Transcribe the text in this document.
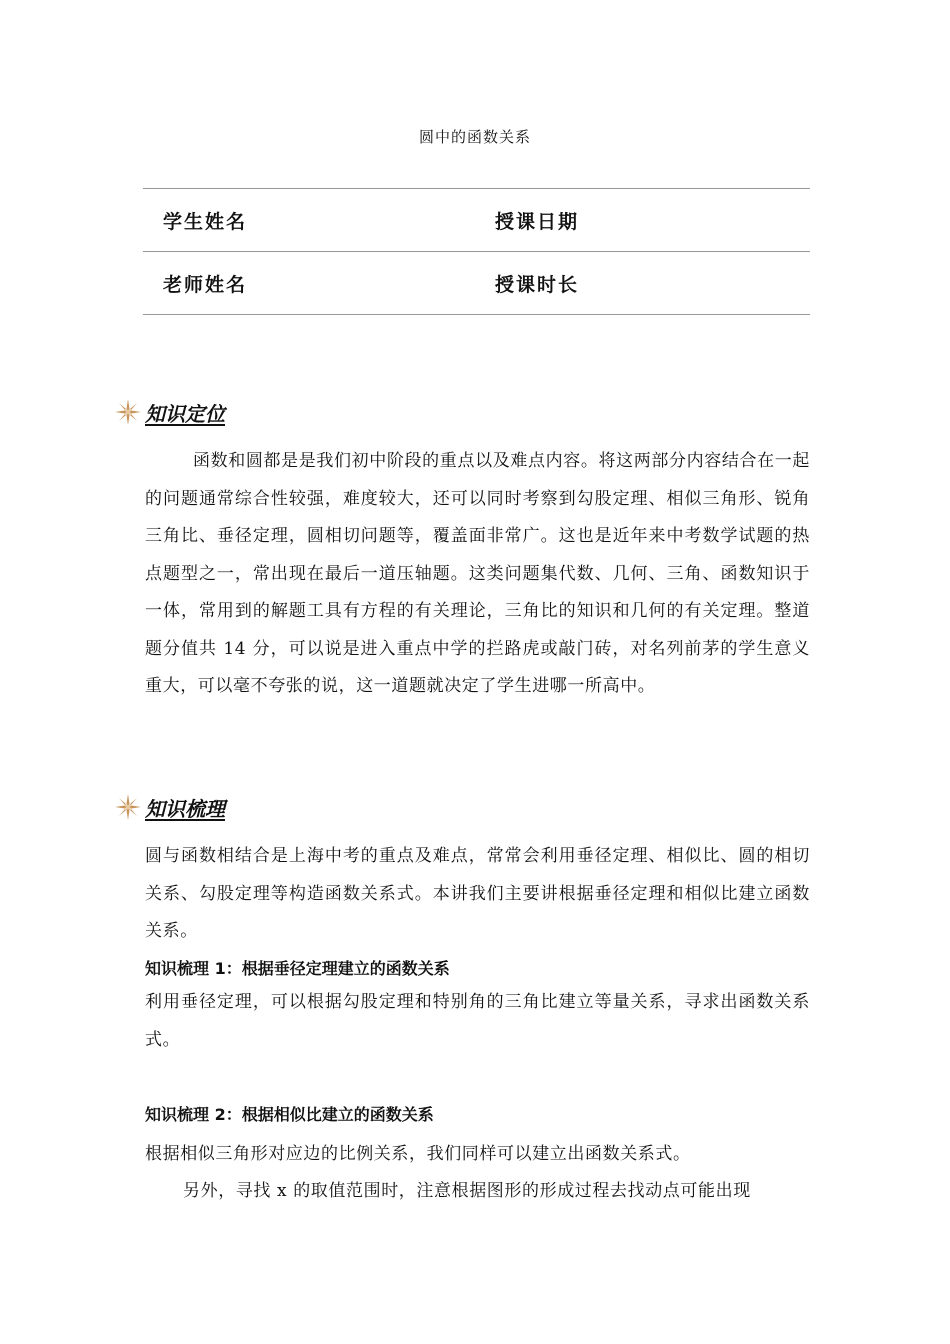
圆中的函数关系
学生姓名	授课日期
老师姓名	授课时长
知识定位
函数和圆都是是我们初中阶段的重点以及难点内容。将这两部分内容结合在一起的问题通常综合性较强，难度较大，还可以同时考察到勾股定理、相似三角形、锐角三角比、垂径定理，圆相切问题等，覆盖面非常广。这也是近年来中考数学试题的热点题型之一，常出现在最后一道压轴题。这类问题集代数、几何、三角、函数知识于一体，常用到的解题工具有方程的有关理论，三角比的知识和几何的有关定理。整道题分值共 14 分，可以说是进入重点中学的拦路虎或敲门砖，对名列前茅的学生意义重大，可以毫不夸张的说，这一道题就决定了学生进哪一所高中。
知识梳理
圆与函数相结合是上海中考的重点及难点，常常会利用垂径定理、相似比、圆的相切关系、勾股定理等构造函数关系式。本讲我们主要讲根据垂径定理和相似比建立函数关系。
知识梳理 1：根据垂径定理建立的函数关系
利用垂径定理，可以根据勾股定理和特别角的三角比建立等量关系，寻求出函数关系式。
知识梳理 2：根据相似比建立的函数关系
根据相似三角形对应边的比例关系，我们同样可以建立出函数关系式。
另外，寻找 x 的取值范围时，注意根据图形的形成过程去找动点可能出现
